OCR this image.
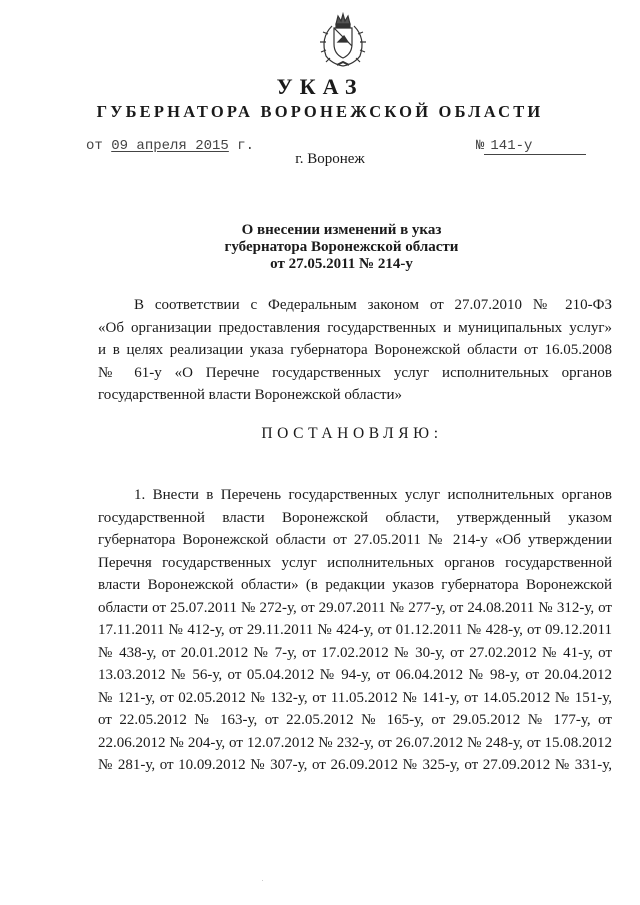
УКАЗ
ГУБЕРНАТОРА ВОРОНЕЖСКОЙ ОБЛАСТИ
от 09 апреля 2015 г.	№ 141-у
г. Воронеж
О внесении изменений в указ
губернатора Воронежской области
от 27.05.2011 № 214-у
В соответствии с Федеральным законом от 27.07.2010 № 210-ФЗ
«Об организации предоставления государственных и муниципальных услуг»
и в целях реализации указа губернатора Воронежской области от 16.05.2008
№ 61-у «О Перечне государственных услуг исполнительных органов
государственной власти Воронежской области»
ПОСТАНОВЛЯЮ:
1. Внести в Перечень государственных услуг исполнительных органов
государственной власти Воронежской области, утвержденный указом
губернатора Воронежской области от 27.05.2011 № 214-у «Об утверждении
Перечня государственных услуг исполнительных органов государственной
власти Воронежской области» (в редакции указов губернатора Воронежской
области от 25.07.2011 № 272-у, от 29.07.2011 № 277-у, от 24.08.2011 № 312-у, от
17.11.2011 № 412-у, от 29.11.2011 № 424-у, от 01.12.2011 № 428-у, от 09.12.2011
№ 438-у, от 20.01.2012 № 7-у, от 17.02.2012 № 30-у, от 27.02.2012 № 41-у, от
13.03.2012 № 56-у, от 05.04.2012 № 94-у, от 06.04.2012 № 98-у, от 20.04.2012
№ 121-у, от 02.05.2012 № 132-у, от 11.05.2012 № 141-у, от 14.05.2012 № 151-у,
от 22.05.2012 № 163-у, от 22.05.2012 № 165-у, от 29.05.2012 № 177-у, от
22.06.2012 № 204-у, от 12.07.2012 № 232-у, от 26.07.2012 № 248-у, от 15.08.2012
№ 281-у, от 10.09.2012 № 307-у, от 26.09.2012 № 325-у, от 27.09.2012 № 331-у,
